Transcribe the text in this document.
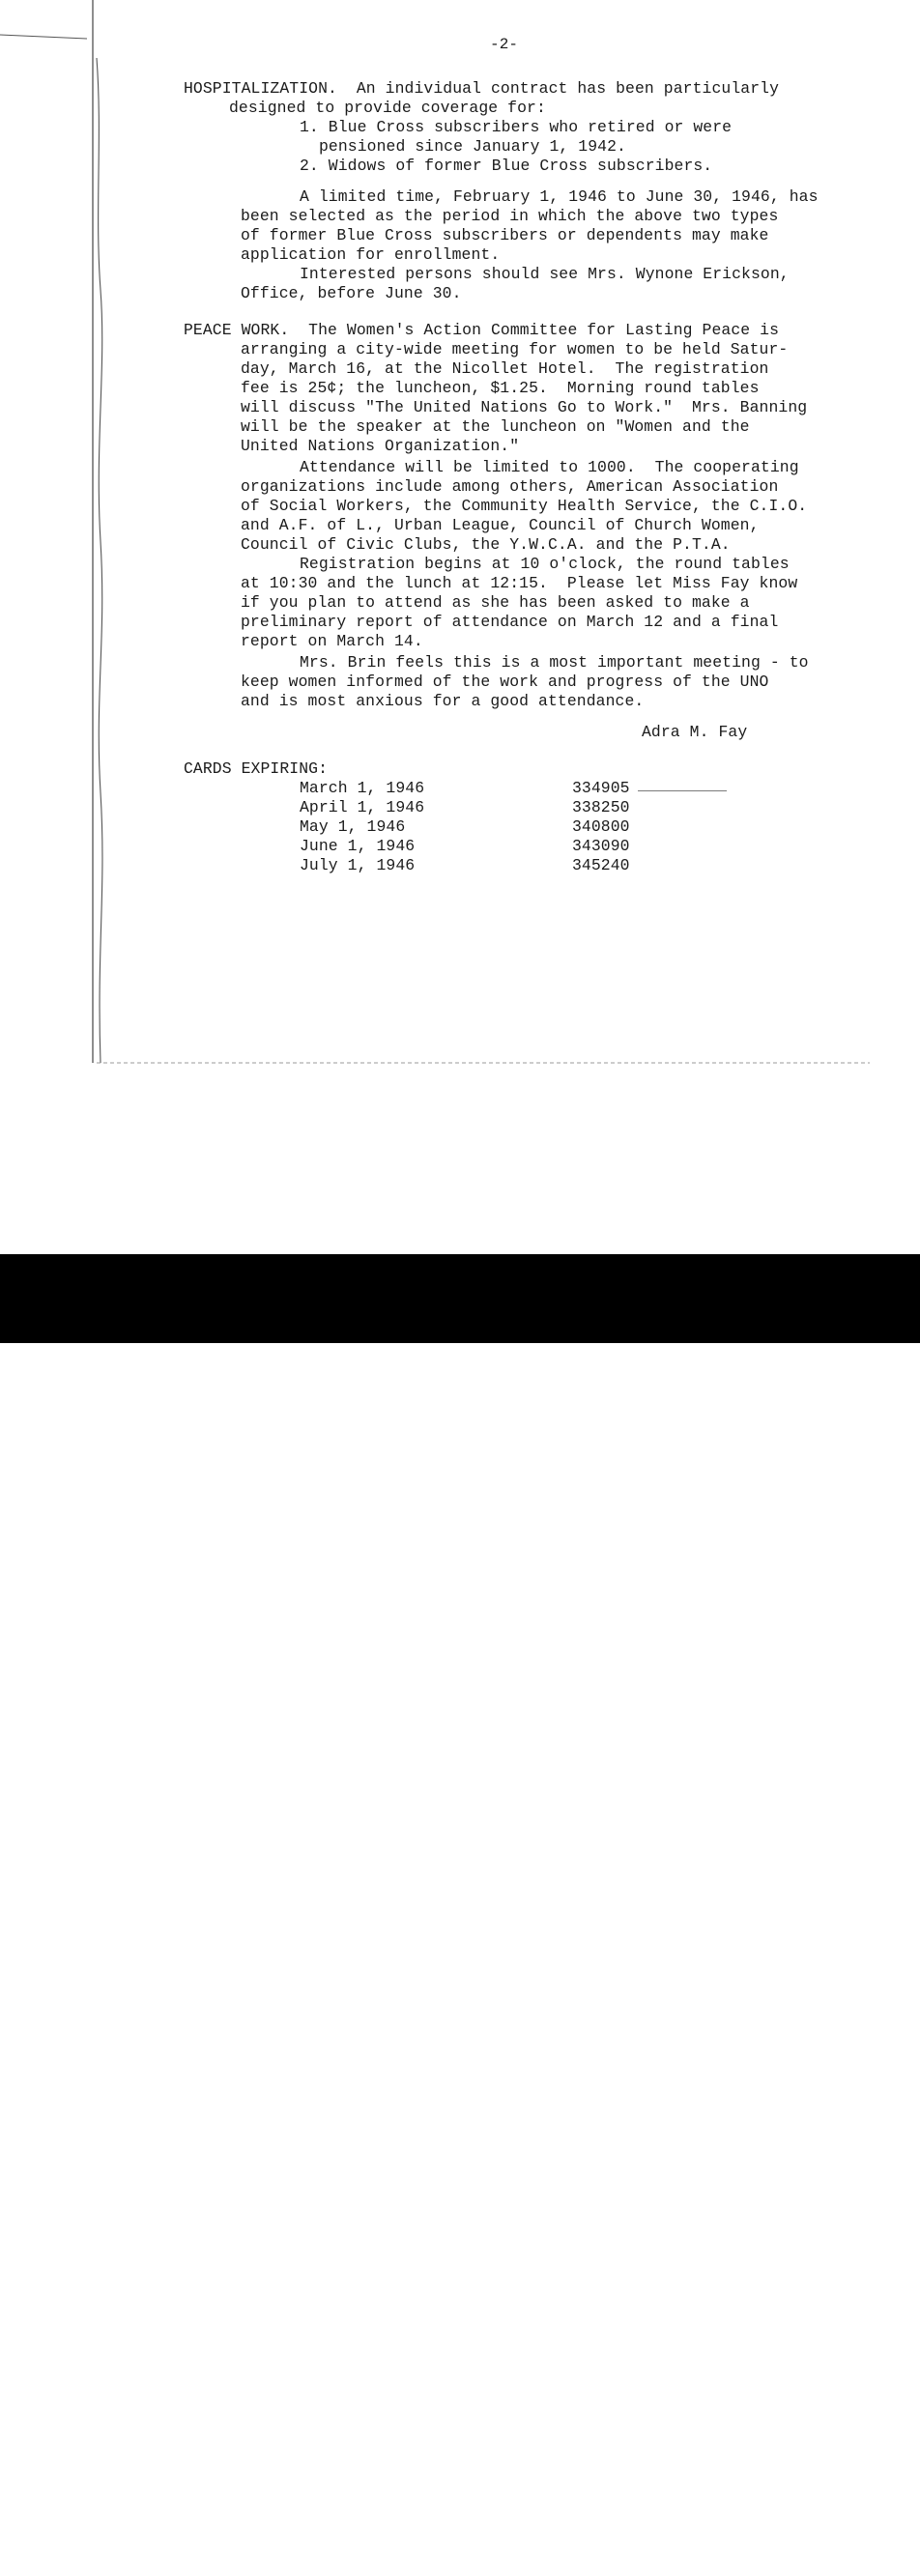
-2-
HOSPITALIZATION.  An individual contract has been particularly
designed to provide coverage for:
1. Blue Cross subscribers who retired or were
pensioned since January 1, 1942.
2. Widows of former Blue Cross subscribers.
A limited time, February 1, 1946 to June 30, 1946, has
been selected as the period in which the above two types
of former Blue Cross subscribers or dependents may make
application for enrollment.
Interested persons should see Mrs. Wynone Erickson,
Office, before June 30.
PEACE WORK.  The Women's Action Committee for Lasting Peace is
arranging a city-wide meeting for women to be held Satur-
day, March 16, at the Nicollet Hotel.  The registration
fee is 25¢; the luncheon, $1.25.  Morning round tables
will discuss "The United Nations Go to Work."  Mrs. Banning
will be the speaker at the luncheon on "Women and the
United Nations Organization."
Attendance will be limited to 1000.  The cooperating
organizations include among others, American Association
of Social Workers, the Community Health Service, the C.I.O.
and A.F. of L., Urban League, Council of Church Women,
Council of Civic Clubs, the Y.W.C.A. and the P.T.A.
Registration begins at 10 o'clock, the round tables
at 10:30 and the lunch at 12:15.  Please let Miss Fay know
if you plan to attend as she has been asked to make a
preliminary report of attendance on March 12 and a final
report on March 14.
Mrs. Brin feels this is a most important meeting - to
keep women informed of the work and progress of the UNO
and is most anxious for a good attendance.
Adra M. Fay
CARDS EXPIRING:
March 1, 1946	334905
April 1, 1946	338250
May 1, 1946	340800
June 1, 1946	343090
July 1, 1946	345240
alamy	Image ID: 3AKCJNT
www.alamy.com
